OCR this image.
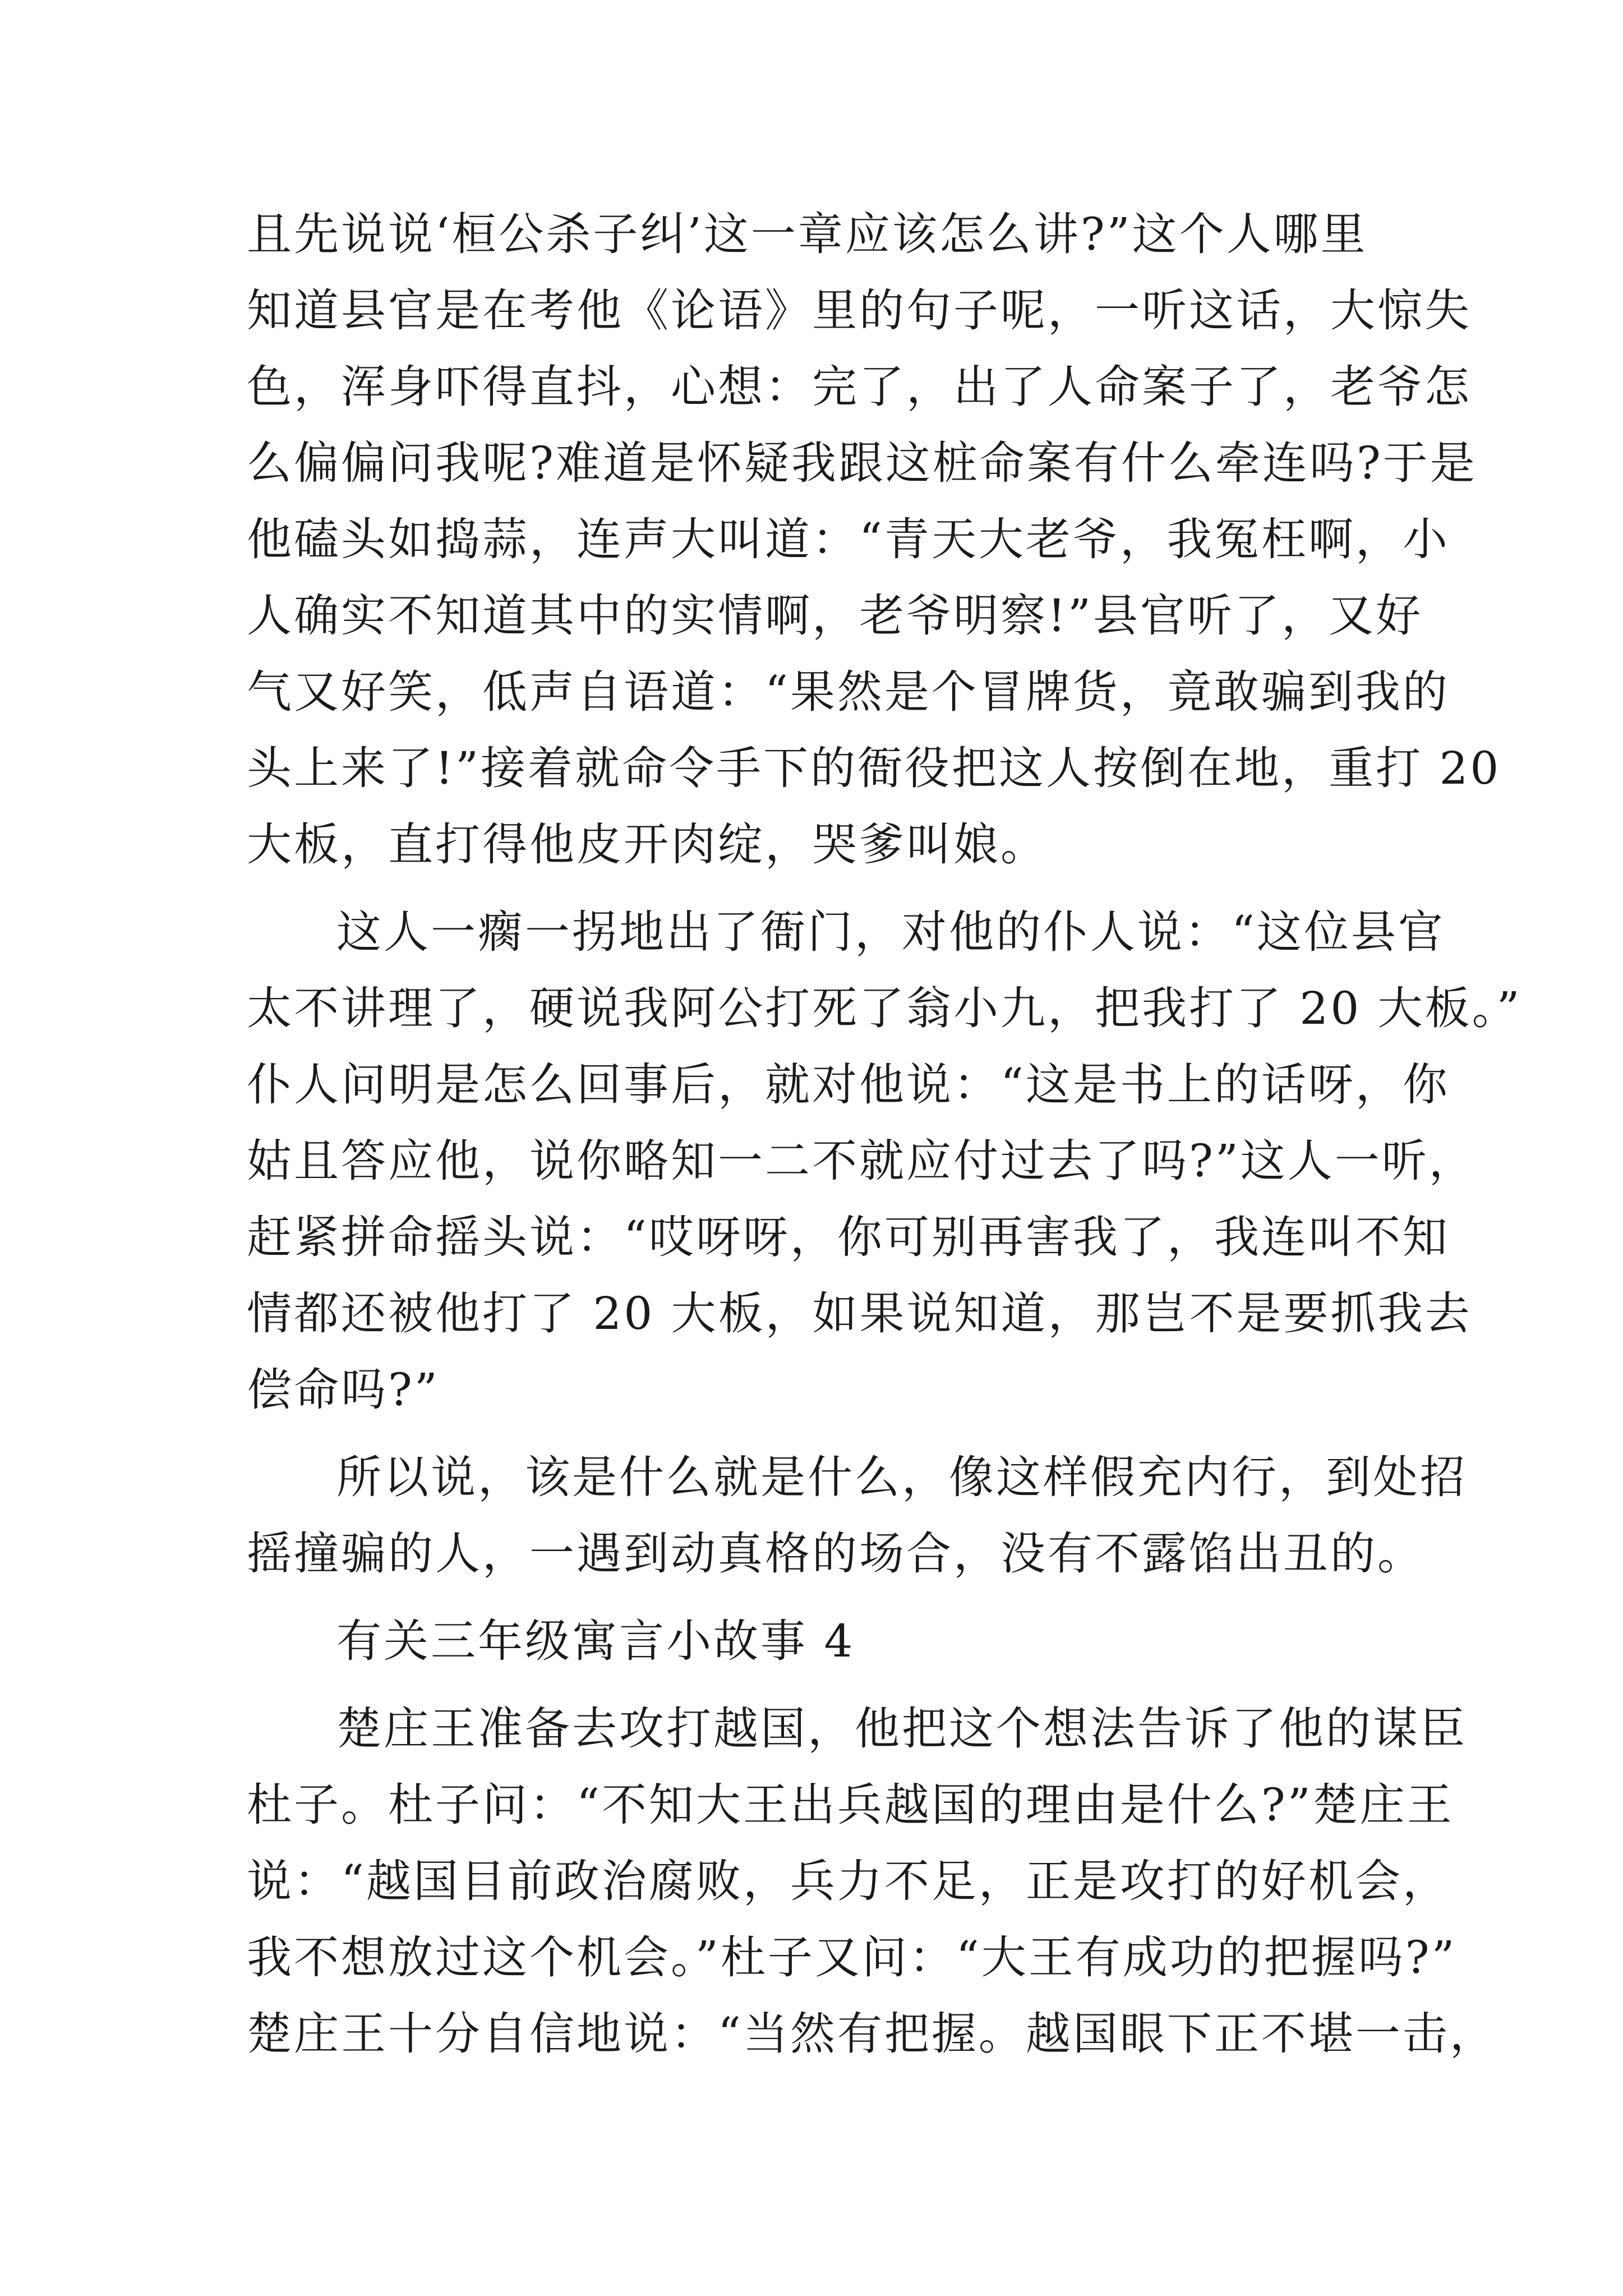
且先说说‘桓公杀子纠’这一章应该怎么讲?”这个人哪里
知道县官是在考他《论语》里的句子呢，一听这话，大惊失
色，浑身吓得直抖，心想：完了，出了人命案子了，老爷怎
么偏偏问我呢?难道是怀疑我跟这桩命案有什么牵连吗?于是
他磕头如捣蒜，连声大叫道：“青天大老爷，我冤枉啊，小
人确实不知道其中的实情啊，老爷明察!”县官听了，又好
气又好笑，低声自语道：“果然是个冒牌货，竟敢骗到我的
头上来了!”接着就命令手下的衙役把这人按倒在地，重打 20
大板，直打得他皮开肉绽，哭爹叫娘。
这人一瘸一拐地出了衙门，对他的仆人说：“这位县官
太不讲理了，硬说我阿公打死了翁小九，把我打了 20 大板。”
仆人问明是怎么回事后，就对他说：“这是书上的话呀，你
姑且答应他，说你略知一二不就应付过去了吗?”这人一听，
赶紧拼命摇头说：“哎呀呀，你可别再害我了，我连叫不知
情都还被他打了 20 大板，如果说知道，那岂不是要抓我去
偿命吗?”
所以说，该是什么就是什么，像这样假充内行，到处招
摇撞骗的人，一遇到动真格的场合，没有不露馅出丑的。
有关三年级寓言小故事 4
楚庄王准备去攻打越国，他把这个想法告诉了他的谋臣
杜子。杜子问：“不知大王出兵越国的理由是什么?”楚庄王
说：“越国目前政治腐败，兵力不足，正是攻打的好机会，
我不想放过这个机会。”杜子又问：“大王有成功的把握吗?”
楚庄王十分自信地说：“当然有把握。越国眼下正不堪一击，
